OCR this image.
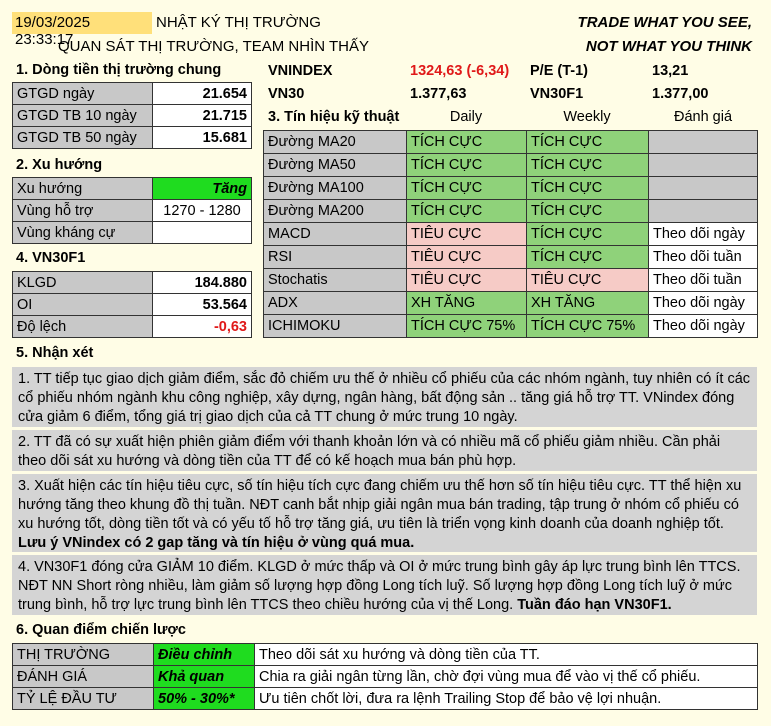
19/03/2025 23:33:17
NHẬT KÝ THỊ TRƯỜNG
QUAN SÁT THỊ TRƯỜNG, TEAM NHÌN THẤY
TRADE WHAT YOU SEE,
NOT WHAT YOU THINK
1. Dòng tiền thị trường chung
GTGD ngày	21.654
GTGD TB 10 ngày	21.715
GTGD TB 50 ngày	15.681
VNINDEX	1324,63 (-6,34) P/E (T-1)	13,21
VN30	1.377,63	VN30F1	1.377,00
2. Xu hướng
Xu hướng	Tăng
Vùng hỗ trợ	1270 - 1280
Vùng kháng cự	
4. VN30F1
KLGD	184.880
OI	53.564
Độ lệch	-0,63
3. Tín hiệu kỹ thuật	Daily	Weekly	Đánh giá
Đường MA20	TÍCH CỰC	TÍCH CỰC	
Đường MA50	TÍCH CỰC	TÍCH CỰC	
Đường MA100	TÍCH CỰC	TÍCH CỰC	
Đường MA200	TÍCH CỰC	TÍCH CỰC	
MACD	TIÊU CỰC	TÍCH CỰC	Theo dõi ngày
RSI	TIÊU CỰC	TÍCH CỰC	Theo dõi tuần
Stochatis	TIÊU CỰC	TIÊU CỰC	Theo dõi tuần
ADX	XH TĂNG	XH TĂNG	Theo dõi ngày
ICHIMOKU	TÍCH CỰC 75%	TÍCH CỰC 75%	Theo dõi ngày
5. Nhận xét
1. TT tiếp tục giao dịch giảm điểm, sắc đỏ chiếm ưu thế ở nhiều cổ phiếu của các nhóm ngành, tuy nhiên có ít các cổ phiếu nhóm ngành khu công nghiệp, xây dựng, ngân hàng, bất động sản .. tăng giá hỗ trợ TT. VNindex đóng cửa giảm 6 điểm, tổng giá trị giao dịch của cả TT chung ở mức trung 10 ngày.
2. TT đã có sự xuất hiện phiên giảm điểm với thanh khoản lớn và có nhiều mã cổ phiếu giảm nhiều. Cần phải theo dõi sát xu hướng và dòng tiền của TT để có kế hoạch mua bán phù hợp.
3. Xuất hiện các tín hiệu tiêu cực, số tín hiệu tích cực đang chiếm ưu thế hơn số tín hiệu tiêu cực. TT thể hiện xu hướng tăng theo khung đồ thị tuần. NĐT canh bắt nhịp giải ngân mua bán trading, tập trung ở nhóm cổ phiếu có xu hướng tốt, dòng tiền tốt và có yếu tố hỗ trợ tăng giá, ưu tiên là triển vọng kinh doanh của doanh nghiệp tốt. Lưu ý VNindex có 2 gap tăng và tín hiệu ở vùng quá mua.
4. VN30F1 đóng cửa GIẢM 10 điểm. KLGD ở mức thấp và OI ở mức trung bình gây áp lực trung bình lên TTCS. NĐT NN Short ròng nhiều, làm giảm số lượng hợp đồng Long tích luỹ. Số lượng hợp đồng Long tích luỹ ở mức trung bình, hỗ trợ lực trung bình lên TTCS theo chiều hướng của vị thế Long. Tuần đáo hạn VN30F1.
6. Quan điểm chiến lược
THỊ TRƯỜNG	Điều chỉnh	Theo dõi sát xu hướng và dòng tiền của TT.
ĐÁNH GIÁ	Khả quan	Chia ra giải ngân từng lần, chờ đợi vùng mua để vào vị thế cổ phiếu.
TỶ LỆ ĐẦU TƯ	50% - 30%*	Ưu tiên chốt lời, đưa ra lệnh Trailing Stop để bảo vệ lợi nhuận.
